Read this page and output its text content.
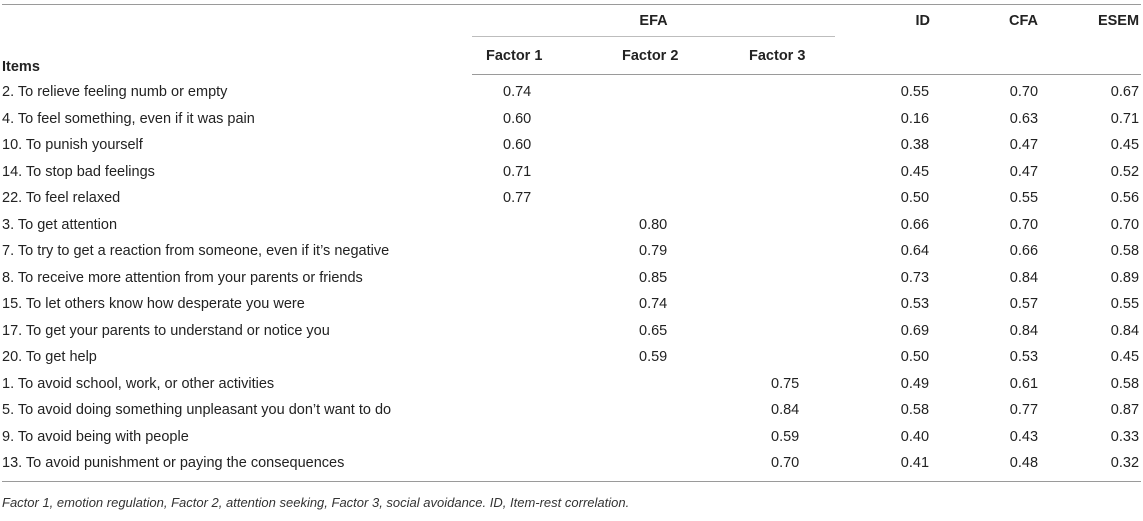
Items	EFA			ID	CFA	ESEM
	Factor 1	Factor 2	Factor 3			
2. To relieve feeling numb or empty	0.74			0.55	0.70	0.67
4. To feel something, even if it was pain	0.60			0.16	0.63	0.71
10. To punish yourself	0.60			0.38	0.47	0.45
14. To stop bad feelings	0.71			0.45	0.47	0.52
22. To feel relaxed	0.77			0.50	0.55	0.56
3. To get attention		0.80		0.66	0.70	0.70
7. To try to get a reaction from someone, even if it’s negative		0.79		0.64	0.66	0.58
8. To receive more attention from your parents or friends		0.85		0.73	0.84	0.89
15. To let others know how desperate you were		0.74		0.53	0.57	0.55
17. To get your parents to understand or notice you		0.65		0.69	0.84	0.84
20. To get help		0.59		0.50	0.53	0.45
1. To avoid school, work, or other activities			0.75	0.49	0.61	0.58
5. To avoid doing something unpleasant you don’t want to do			0.84	0.58	0.77	0.87
9. To avoid being with people			0.59	0.40	0.43	0.33
13. To avoid punishment or paying the consequences			0.70	0.41	0.48	0.32
Factor 1, emotion regulation, Factor 2, attention seeking, Factor 3, social avoidance. ID, Item-rest correlation.
